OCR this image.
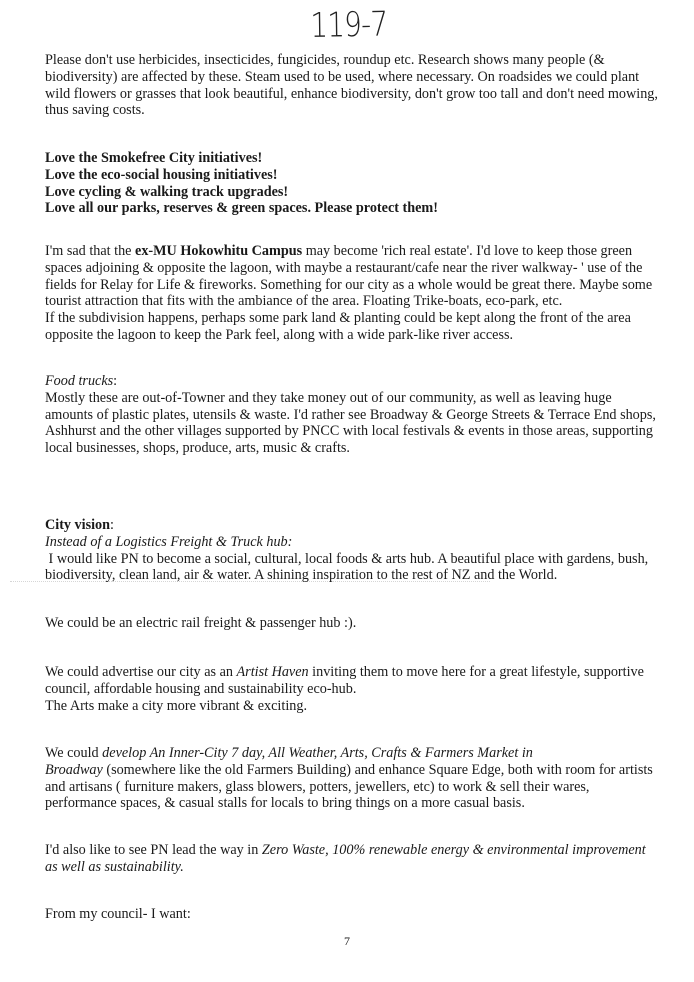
119-7
Please don't use herbicides, insecticides, fungicides, roundup etc. Research shows many people (&
biodiversity) are affected by these. Steam used to be used, where necessary. On roadsides we could plant
wild flowers or grasses that look beautiful, enhance biodiversity, don't grow too tall and don't need mowing,
thus saving costs.
Love the Smokefree City initiatives!
Love the eco-social housing initiatives!
Love cycling & walking track upgrades!
Love all our parks, reserves & green spaces. Please protect them!
I'm sad that the ex-MU Hokowhitu Campus may become 'rich real estate'. I'd love to keep those green
spaces adjoining & opposite the lagoon, with maybe a restaurant/cafe near the river walkway- ' use of the
fields for Relay for Life & fireworks. Something for our city as a whole would be great there. Maybe some
tourist attraction that fits with the ambiance of the area. Floating Trike-boats, eco-park, etc.
If the subdivision happens, perhaps some park land & planting could be kept along the front of the area
opposite the lagoon to keep the Park feel, along with a wide park-like river access.
Food trucks:
Mostly these are out-of-Towner and they take money out of our community, as well as leaving huge
amounts of plastic plates, utensils & waste. I'd rather see Broadway & George Streets & Terrace End shops,
Ashhurst and the other villages supported by PNCC with local festivals & events in those areas, supporting
local businesses, shops, produce, arts, music & crafts.
City vision:
Instead of a Logistics Freight & Truck hub:
I would like PN to become a social, cultural, local foods & arts hub. A beautiful place with gardens, bush,
biodiversity, clean land, air & water. A shining inspiration to the rest of NZ and the World.
We could be an electric rail freight & passenger hub :).
We could advertise our city as an Artist Haven inviting them to move here for a great lifestyle, supportive
council, affordable housing and sustainability eco-hub.
The Arts make a city more vibrant & exciting.
We could develop An Inner-City 7 day, All Weather, Arts, Crafts & Farmers Market in
Broadway (somewhere like the old Farmers Building) and enhance Square Edge, both with room for artists
and artisans ( furniture makers, glass blowers, potters, jewellers, etc) to work & sell their wares,
performance spaces, & casual stalls for locals to bring things on a more casual basis.
I'd also like to see PN lead the way in Zero Waste, 100% renewable energy & environmental improvement
as well as sustainability.
From my council- I want:
7
